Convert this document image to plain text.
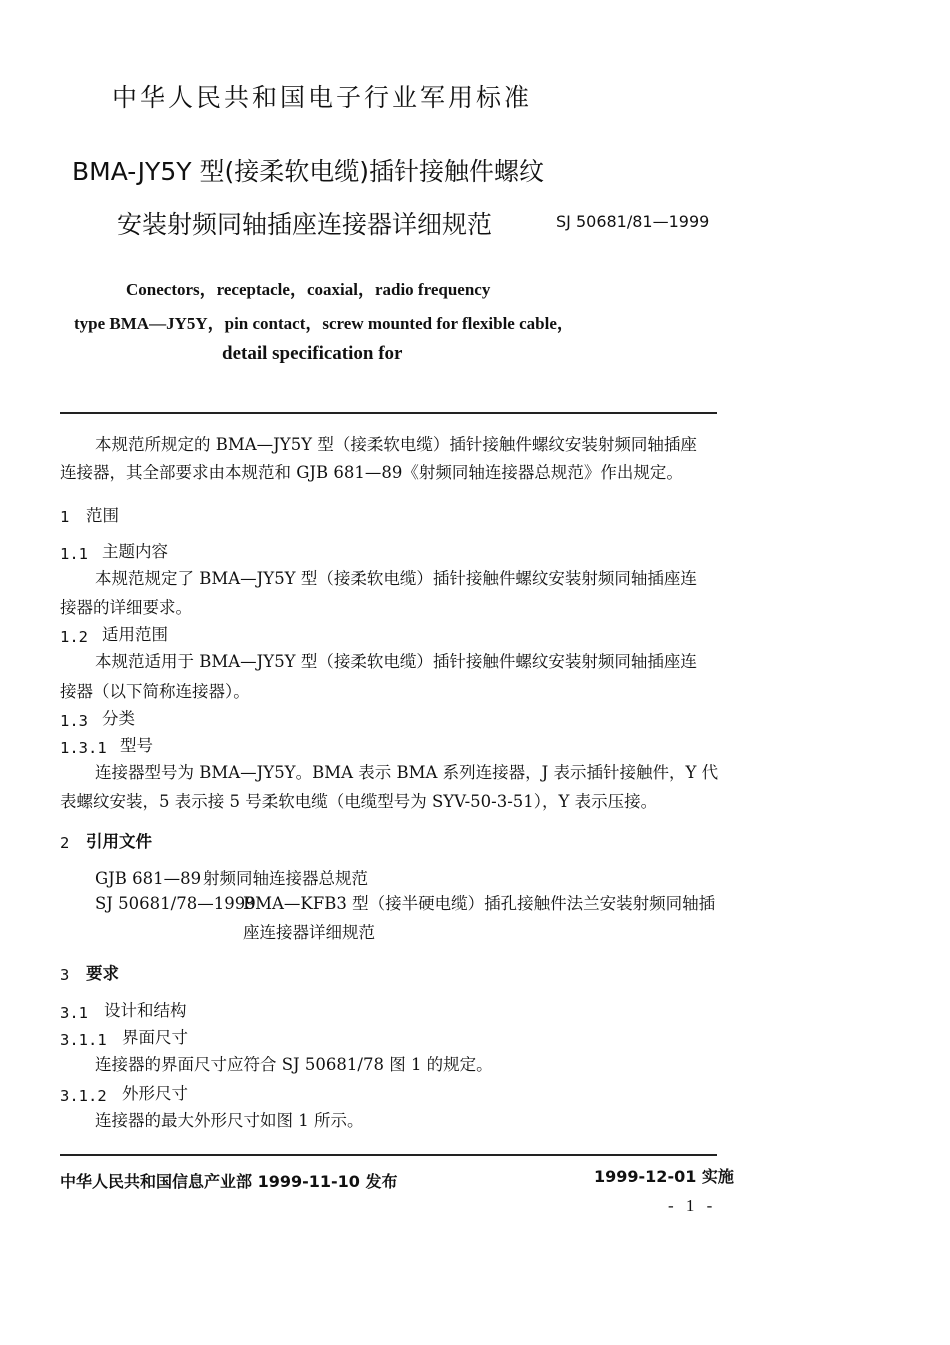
中华人民共和国电子行业军用标准
BMA-JY5Y 型(接柔软电缆)插针接触件螺纹
安装射频同轴插座连接器详细规范	SJ 50681/81—1999
Conectors，receptacle，coaxial，radio frequency
type BMA—JY5Y，pin contact，screw mounted for flexible cable，
detail specification for
本规范所规定的 BMA—JY5Y 型（接柔软电缆）插针接触件螺纹安装射频同轴插座
连接器，其全部要求由本规范和 GJB 681—89《射频同轴连接器总规范》作出规定。
1 范围
1.1 主题内容
本规范规定了 BMA—JY5Y 型（接柔软电缆）插针接触件螺纹安装射频同轴插座连
接器的详细要求。
1.2 适用范围
本规范适用于 BMA—JY5Y 型（接柔软电缆）插针接触件螺纹安装射频同轴插座连
接器（以下简称连接器）。
1.3 分类
1.3.1 型号
连接器型号为 BMA—JY5Y。BMA 表示 BMA 系列连接器，J 表示插针接触件，Y 代
表螺纹安装，5 表示接 5 号柔软电缆（电缆型号为 SYV-50-3-51），Y 表示压接。
2 引用文件
GJB 681—89 射频同轴连接器总规范
SJ 50681/78—1999
BMA—KFB3 型（接半硬电缆）插孔接触件法兰安装射频同轴插
座连接器详细规范
3 要求
3.1 设计和结构
3.1.1 界面尺寸
连接器的界面尺寸应符合 SJ 50681/78 图 1 的规定。
3.1.2 外形尺寸
连接器的最大外形尺寸如图 1 所示。
中华人民共和国信息产业部 1999-11-10 发布	1999-12-01 实施
- 1 -
